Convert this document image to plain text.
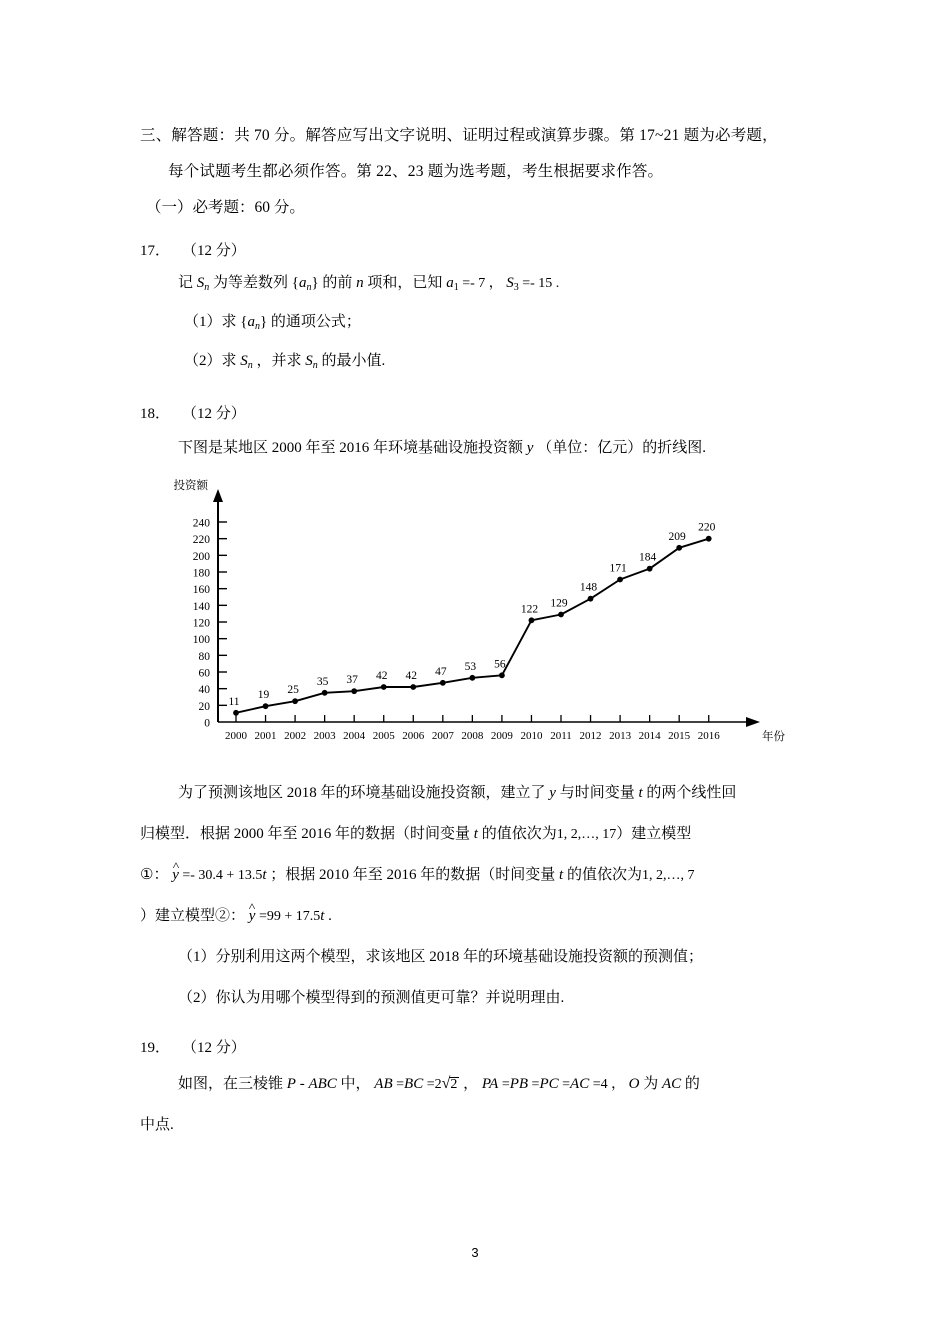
三、解答题：共 70 分。解答应写出文字说明、证明过程或演算步骤。第 17~21 题为必考题，
每个试题考生都必须作答。第 22、23 题为选考题，考生根据要求作答。
（一）必考题：60 分。
17． （12 分）
记 $S_n$ 为等差数列 $\{a_n\}$ 的前 n 项和，已知 $a_1 =- 7$ ， $S_3 =- 15$ .
（1）求 $\{a_n\}$ 的通项公式；
（2）求 $S_n$ ，并求 $S_n$ 的最小值.
18． （12 分）
下图是某地区 2000 年至 2016 年环境基础设施投资额 y （单位：亿元）的折线图.
0
20
40
60
80
100
120
140
160
180
200
220
240
投资额
2000 2001 2002 2003 2004 2005 2006 2007 2008 2009 2010 2011 2012 2013 2014 2015 2016	年份
11
19 25
35 37 42 42 47 53 56
122 129
148
171
184
209
220
为了预测该地区 2018 年的环境基础设施投资额，建立了 y 与时间变量 t 的两个线性回
归模型．根据 2000 年至 2016 年的数据（时间变量 t 的值依次为1, 2,…, 17）建立模型
①： ^ y =- 30.4 + 13.5t ；根据 2010 年至 2016 年的数据（时间变量 t 的值依次为1, 2,…, 7
）建立模型②： ^ y =99 + 17.5t .
（1）分别利用这两个模型，求该地区 2018 年的环境基础设施投资额的预测值；
（2）你认为用哪个模型得到的预测值更可靠？并说明理由.
19． （12 分）
如图，在三棱锥 P - ABC 中， AB =BC =2√2 ， PA =PB =PC =AC =4 ， O 为 AC 的
中点.
3
